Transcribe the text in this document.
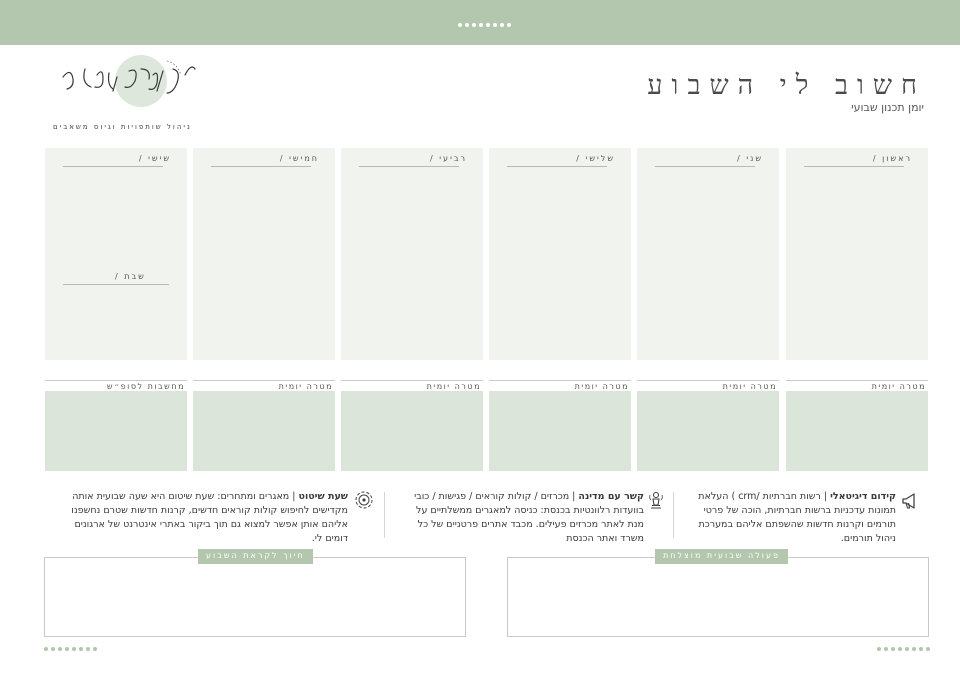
חשוב לי השבוע
יומן תכנון שבועי
ניהול שותפויות וגיוס משאבים
ראשון /
שני /
שלישי /
רביעי /
חמישי /
שישי /
שבת /
מטרה יומית
מטרה יומית
מטרה יומית
מטרה יומית
מטרה יומית
מחשבות לסופ״ש
קידום דיגיטאלי | רשות חברתיות /crm ) העלאת תמונות עדכניות ברשות חברתיות, הוכה של פרטי תורמים וקרנות חדשות שהשפתם אליהם במערכת ניהול תורמים.
קשר עם מדינה | מכרזים / קולות קוראים / פגישות / כובי בוועדות רלוונטיות בכנסת: כניסה למאגרים ממשלתיים על מנת לאתר מכרזים פעילים. מכבד אתרים פרטניים של כל משרד ואתר הכנסת
שעת שיטוט | מאגרים ומתחרים: שעת שיטום היא שעה שבועית אותה מקדישים לחיפוש קולות קוראים חדשים, קרנות חדשות שטרם נחשפנו אליהם אותן אפשר למצוא גם תוך ביקור באתרי אינטרנט של ארגונים דומים לי.
פעולה שבועית מוצלחת
חיוך לקראת השבוע
